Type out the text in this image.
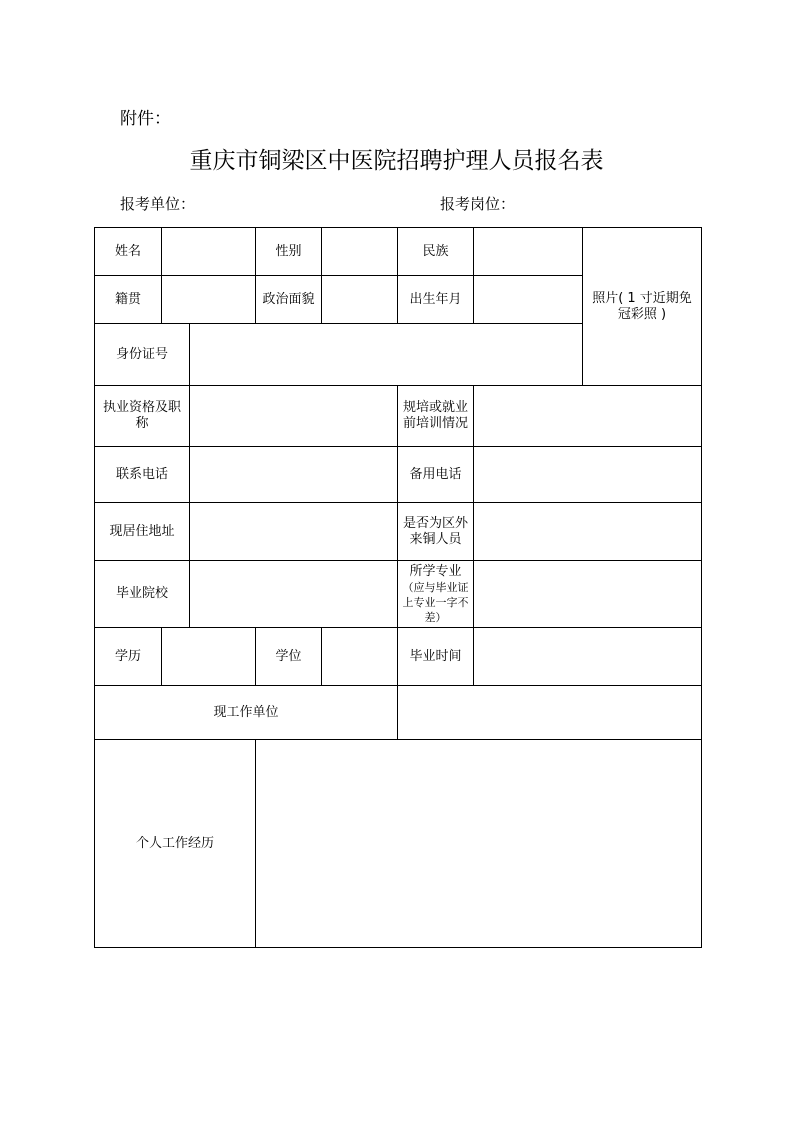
附件：
重庆市铜梁区中医院招聘护理人员报名表
报考单位：	报考岗位：
姓名			性别		民族		照片( 1 寸近期免冠彩照 )
籍贯			政治面貌		出生年月		
身份证号							
执业资格及职称					规培或就业前培训情况		
联系电话					备用电话		
现居住地址					是否为区外来铜人员		
毕业院校					所学专业
（应与毕业证上专业一字不差）		

学历			学位		毕业时间		
现工作单位							
个人工作经历							
